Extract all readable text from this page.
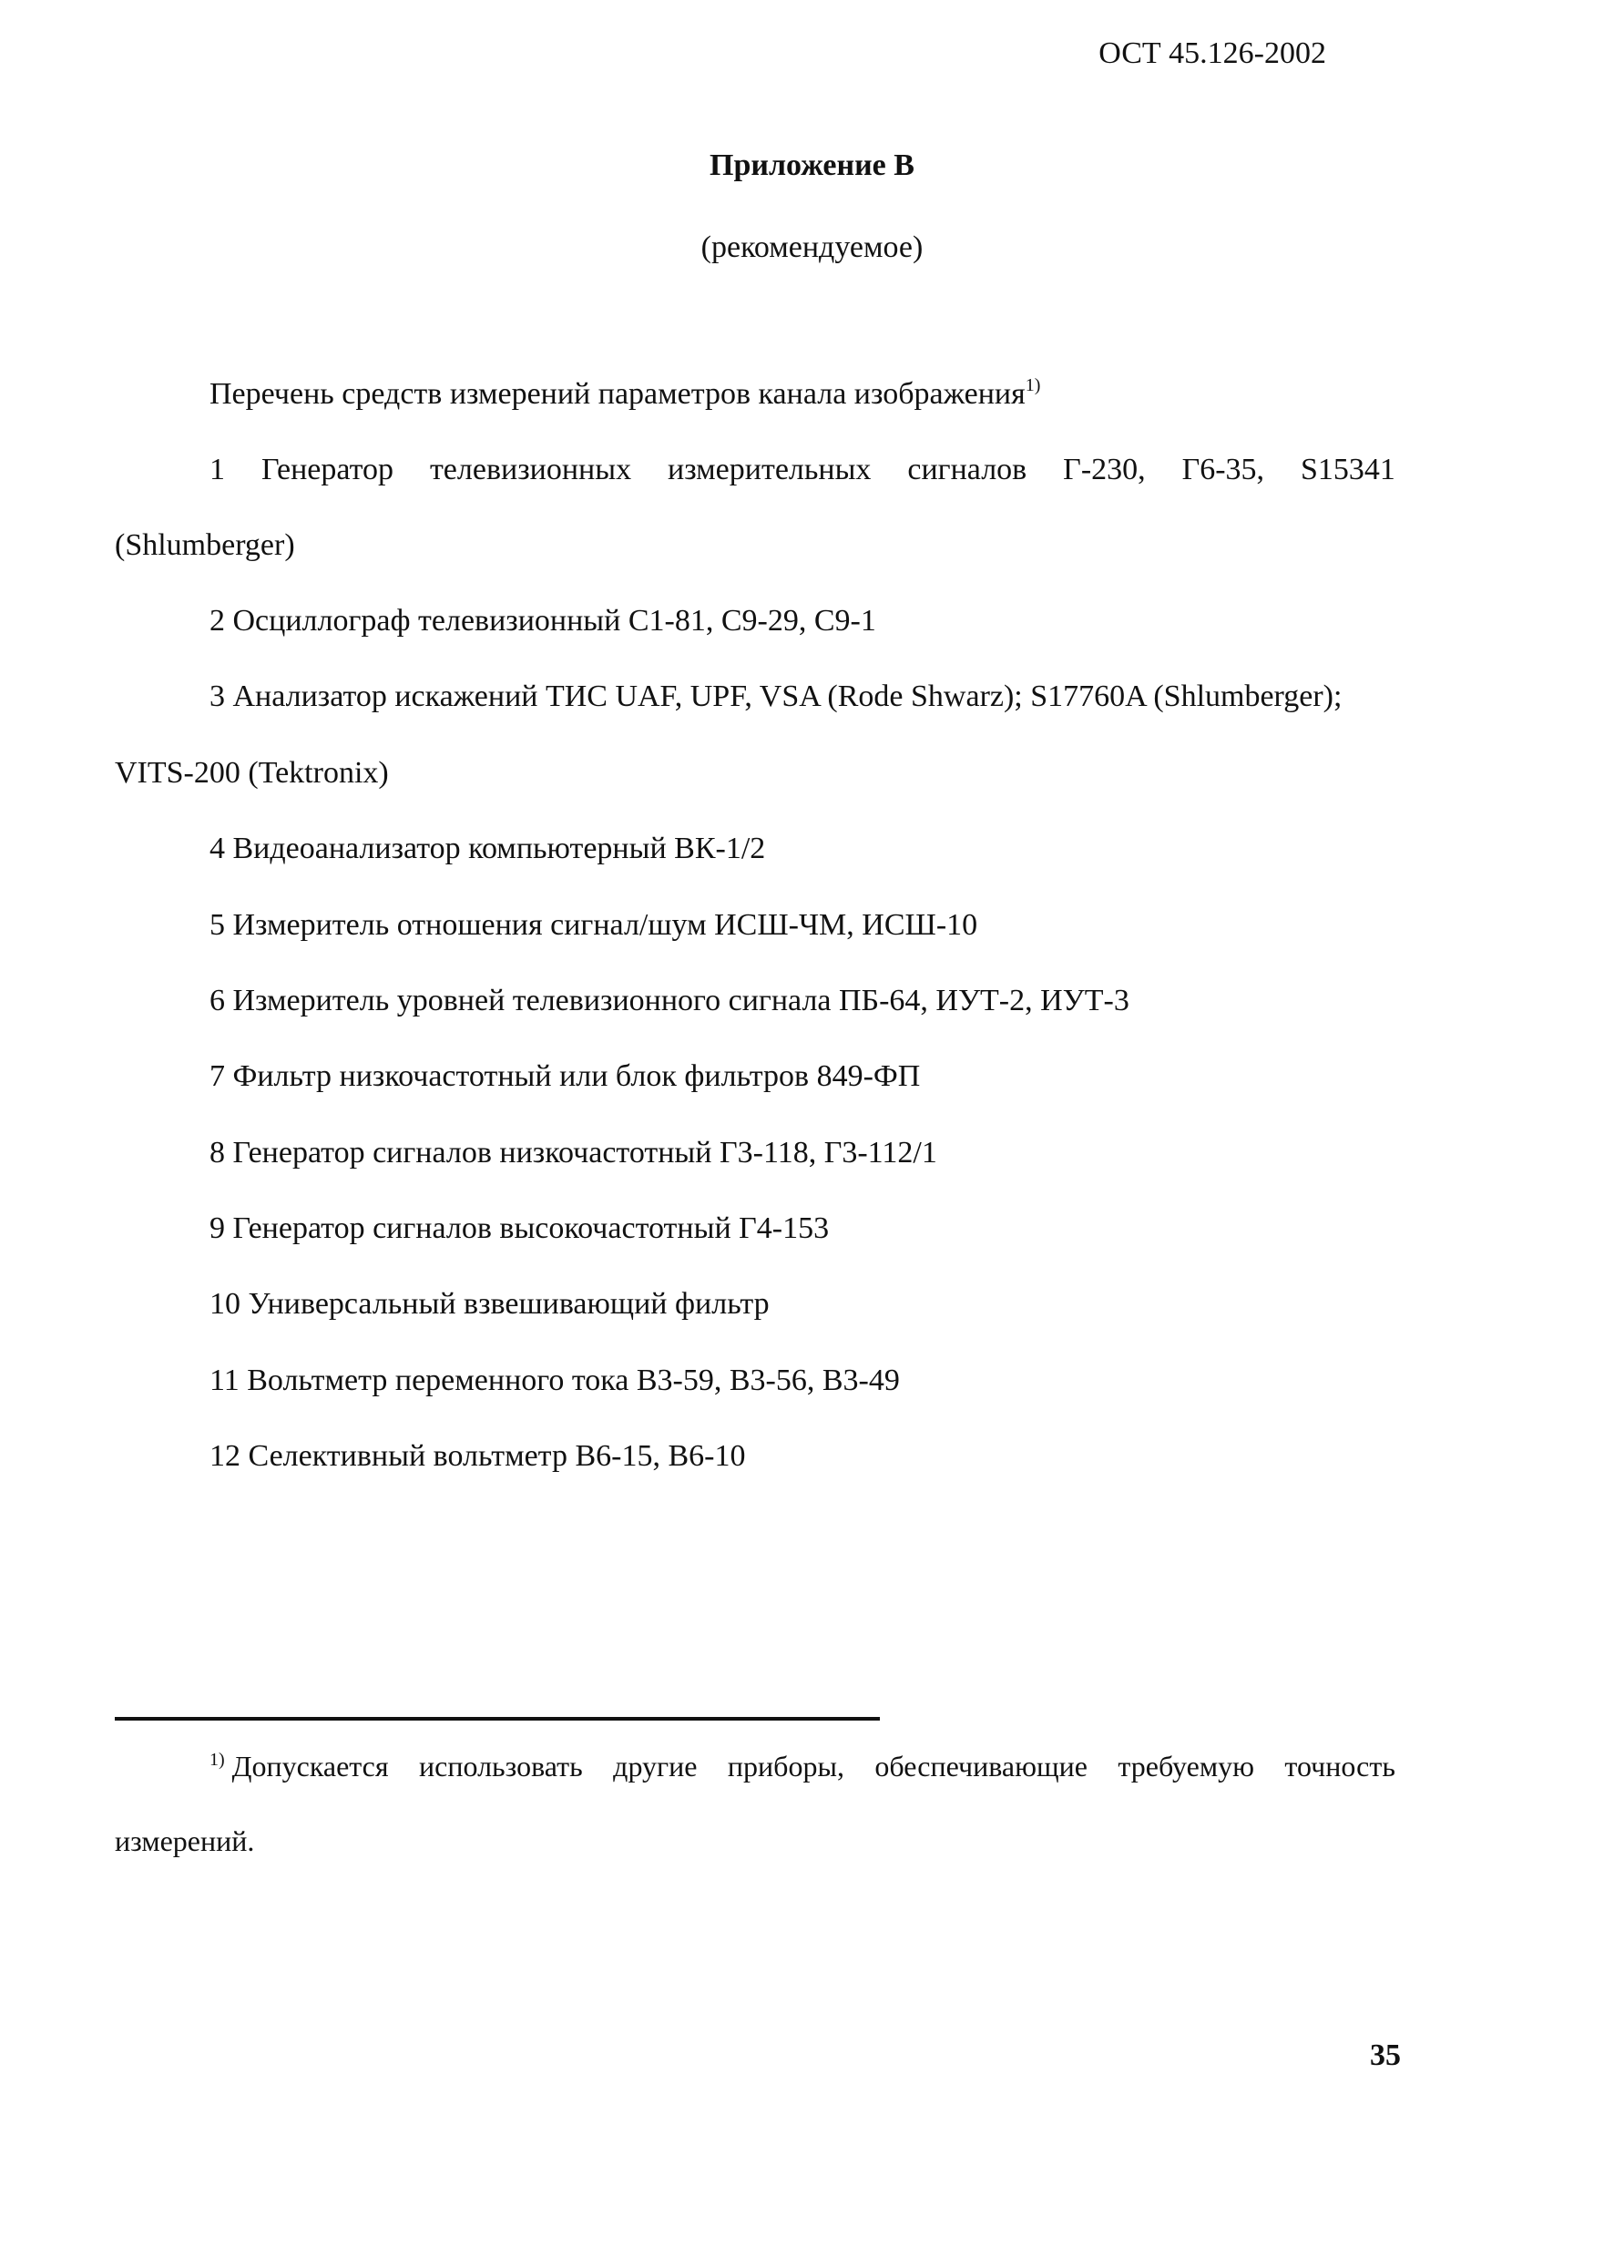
ОСТ 45.126-2002
Приложение В
(рекомендуемое)
Перечень средств измерений параметров канала изображения$^{1)}$
1 Генератор телевизионных измерительных сигналов Г-230, Г6-35, S15341
(Shlumberger)
2 Осциллограф телевизионный С1-81, С9-29, С9-1
3 Анализатор искажений ТИС UAF, UPF, VSA (Rode Shwarz); S17760A (Shlumberger);
VITS-200 (Tektronix)
4 Видеоанализатор компьютерный ВК-1/2
5 Измеритель отношения сигнал/шум ИСШ-ЧМ, ИСШ-10
6 Измеритель уровней телевизионного сигнала ПБ-64, ИУТ-2, ИУТ-3
7 Фильтр низкочастотный или блок фильтров 849-ФП
8 Генератор сигналов низкочастотный Г3-118, Г3-112/1
9 Генератор сигналов высокочастотный Г4-153
10 Универсальный взвешивающий фильтр
11 Вольтметр переменного тока В3-59, В3-56, В3-49
12 Селективный вольтметр В6-15, В6-10
$^{1)}$ Допускается использовать другие приборы, обеспечивающие требуемую точность
измерений.
35
